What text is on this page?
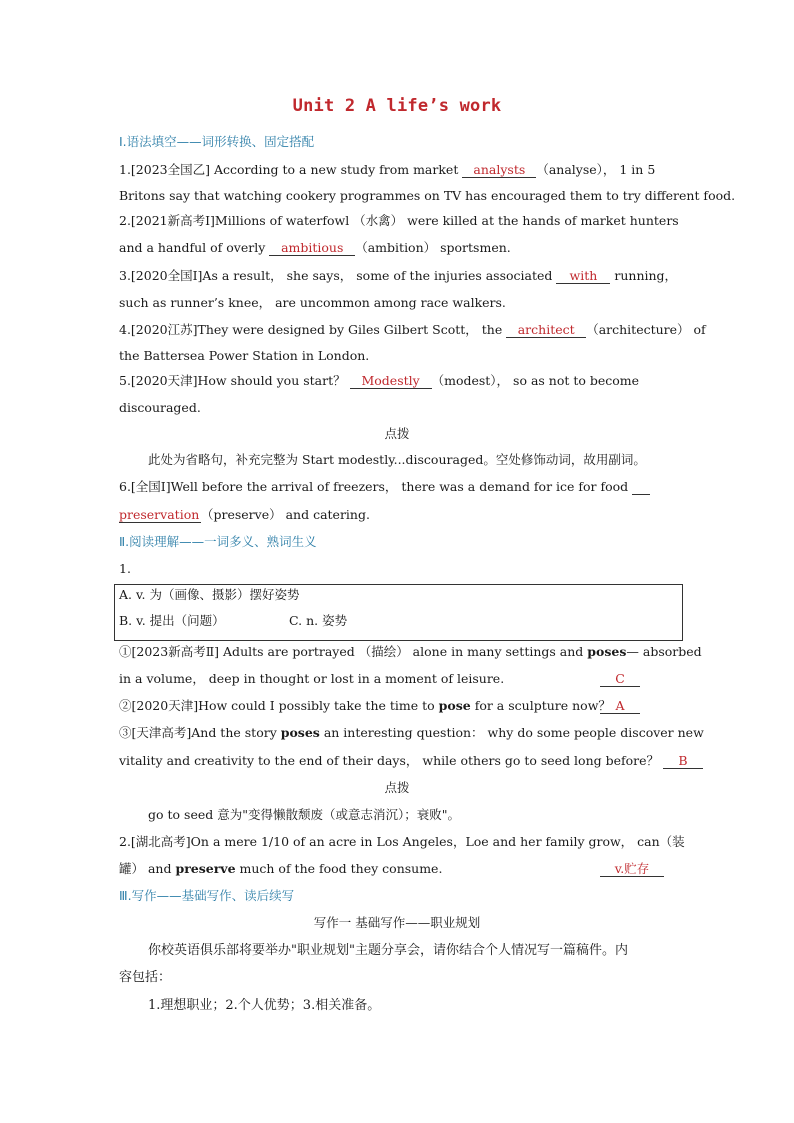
Unit 2 A life’s work
Ⅰ.语法填空——词形转换、固定搭配
1.[2023全国乙] According to a new study from market analysts （analyse）， 1 in 5
Britons say that watching cookery programmes on TV has encouraged them to try different food.
2.[2021新高考Ⅰ]Millions of waterfowl （水禽） were killed at the hands of market hunters
and a handful of overly ambitious （ambition） sportsmen.
3.[2020全国Ⅰ]As a result， she says， some of the injuries associated with running，
such as runner’s knee， are uncommon among race walkers.
4.[2020江苏]They were designed by Giles Gilbert Scott， the architect （architecture） of
the Battersea Power Station in London.
5.[2020天津]How should you start？ Modestly （modest）， so as not to become
discouraged.
点拨
此处为省略句，补充完整为 Start modestly...discouraged。空处修饰动词，故用副词。
6.[全国Ⅰ]Well before the arrival of freezers， there was a demand for ice for food
preservation （preserve） and catering.
Ⅱ.阅读理解——一词多义、熟词生义
1.
A. v. 为（画像、摄影）摆好姿势
B. v. 提出（问题）	C. n. 姿势
①[2023新高考Ⅱ] Adults are portrayed （描绘） alone in many settings and poses— absorbed
in a volume， deep in thought or lost in a moment of leisure.	C
②[2020天津]How could I possibly take the time to pose for a sculpture now？ A
③[天津高考]And the story poses an interesting question： why do some people discover new
vitality and creativity to the end of their days， while others go to seed long before？ B
点拨
go to seed 意为"变得懒散颓废（或意志消沉）；衰败"。
2.[湖北高考]On a mere 1/10 of an acre in Los Angeles，Loe and her family grow， can（装
罐） and preserve much of the food they consume.	v.贮存
Ⅲ.写作——基础写作、读后续写
写作一 基础写作——职业规划
你校英语俱乐部将要举办"职业规划"主题分享会，请你结合个人情况写一篇稿件。内
容包括：
1.理想职业；2.个人优势；3.相关准备。
